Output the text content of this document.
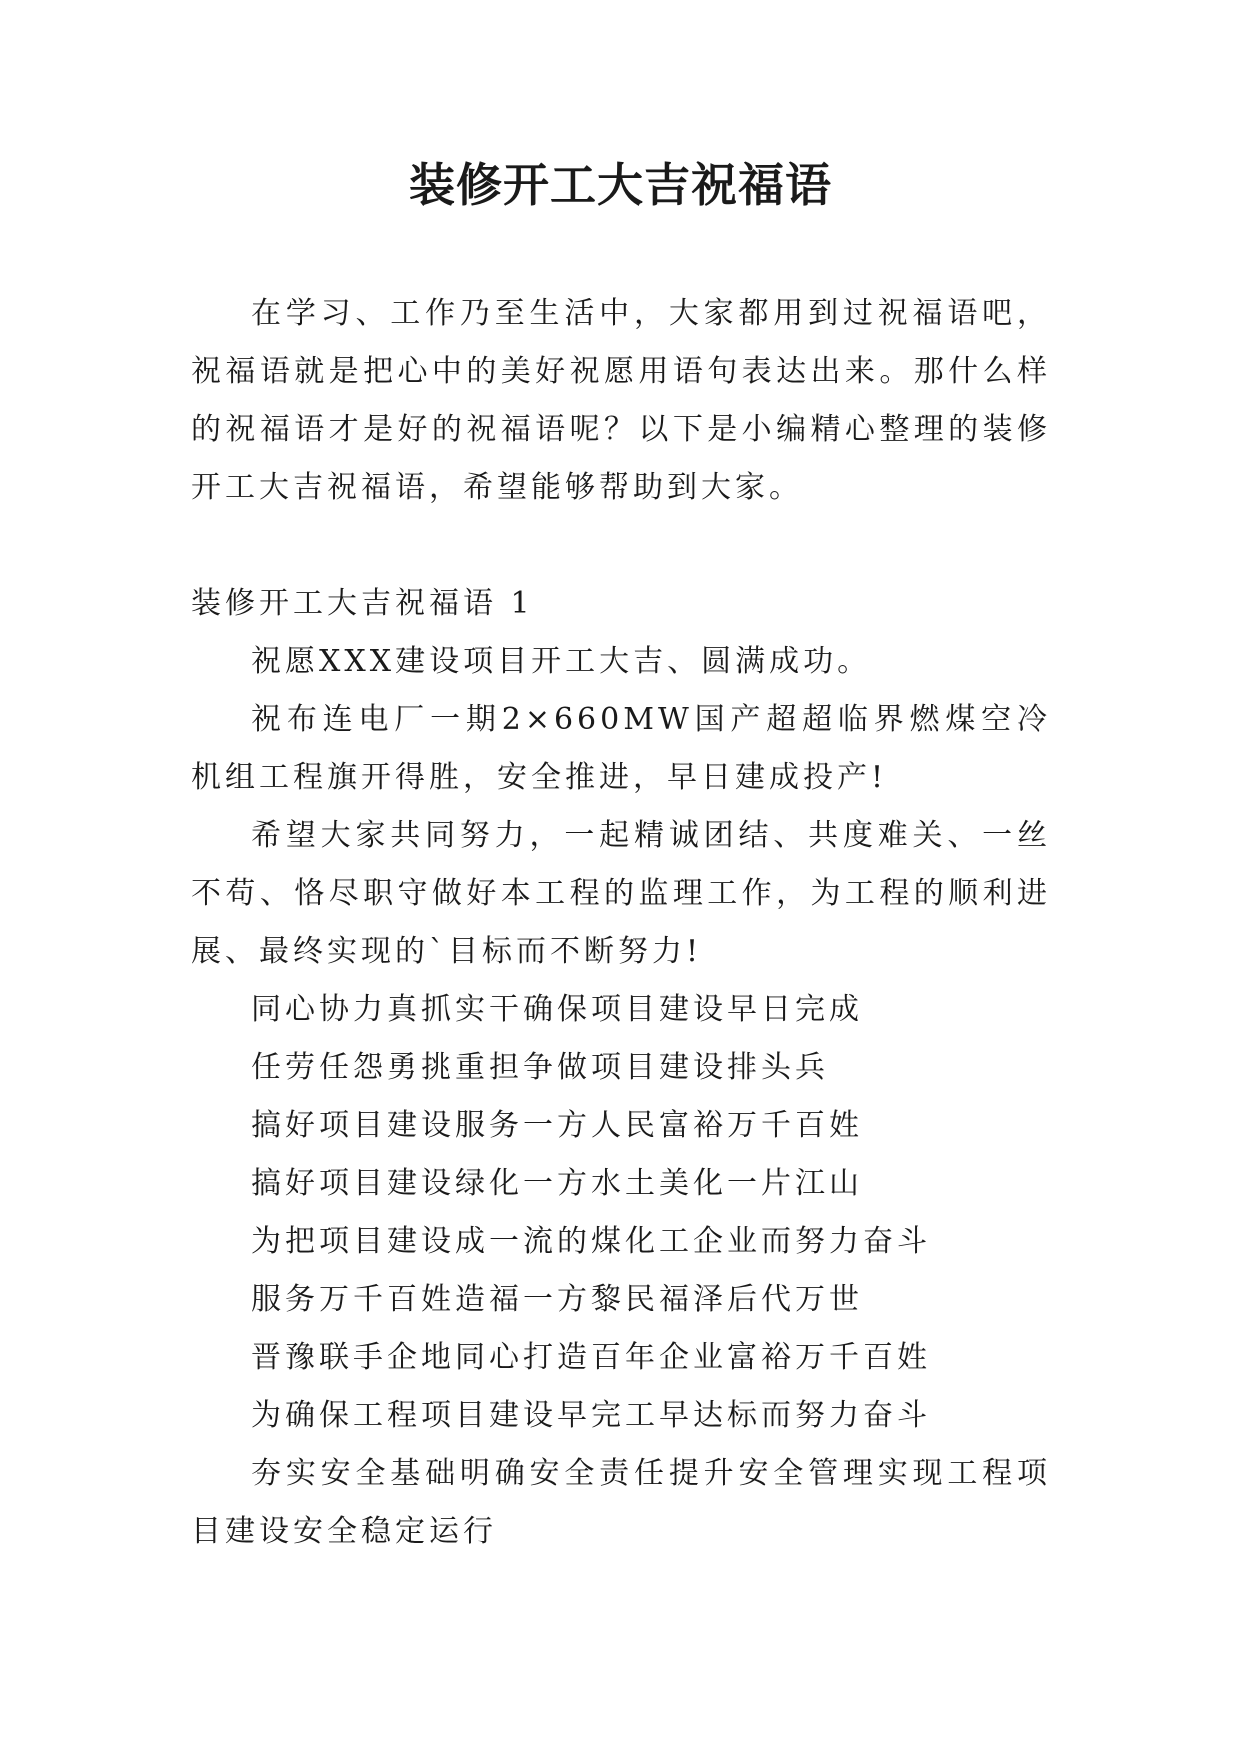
装修开工大吉祝福语

在学习、工作乃至生活中，大家都用到过祝福语吧，祝福语就是把心中的美好祝愿用语句表达出来。那什么样的祝福语才是好的祝福语呢？以下是小编精心整理的装修开工大吉祝福语，希望能够帮助到大家。

装修开工大吉祝福语 1

祝愿XXX建设项目开工大吉、圆满成功。

祝布连电厂一期2×660MW国产超超临界燃煤空冷机组工程旗开得胜，安全推进，早日建成投产!

希望大家共同努力，一起精诚团结、共度难关、一丝不苟、恪尽职守做好本工程的监理工作，为工程的顺利进展、最终实现的`目标而不断努力!

同心协力真抓实干确保项目建设早日完成

任劳任怨勇挑重担争做项目建设排头兵

搞好项目建设服务一方人民富裕万千百姓

搞好项目建设绿化一方水土美化一片江山

为把项目建设成一流的煤化工企业而努力奋斗

服务万千百姓造福一方黎民福泽后代万世

晋豫联手企地同心打造百年企业富裕万千百姓

为确保工程项目建设早完工早达标而努力奋斗

夯实安全基础明确安全责任提升安全管理实现工程项目建设安全稳定运行
